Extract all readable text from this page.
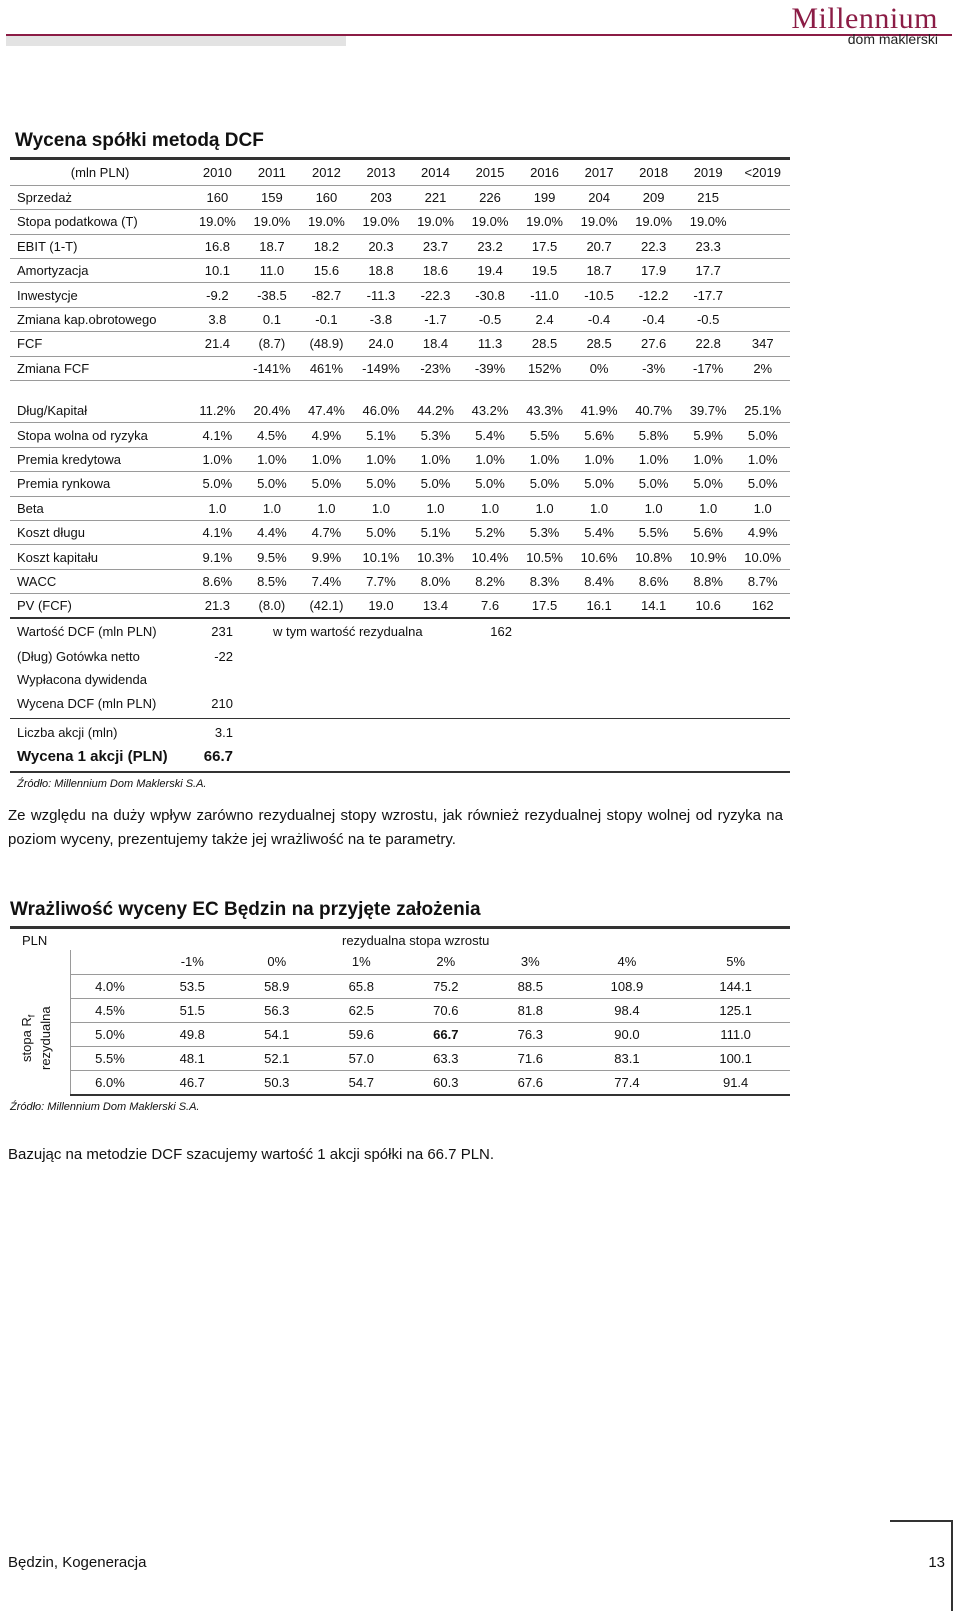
Millennium
dom maklerski
Wycena spółki metodą DCF
(mln PLN)	2010	2011	2012	2013	2014	2015	2016	2017	2018	2019	<2019
Sprzedaż	160	159	160	203	221	226	199	204	209	215	
Stopa podatkowa (T)	19.0%	19.0%	19.0%	19.0%	19.0%	19.0%	19.0%	19.0%	19.0%	19.0%	
EBIT (1-T)	16.8	18.7	18.2	20.3	23.7	23.2	17.5	20.7	22.3	23.3	
Amortyzacja	10.1	11.0	15.6	18.8	18.6	19.4	19.5	18.7	17.9	17.7	
Inwestycje	-9.2	-38.5	-82.7	-11.3	-22.3	-30.8	-11.0	-10.5	-12.2	-17.7	
Zmiana kap.obrotowego	3.8	0.1	-0.1	-3.8	-1.7	-0.5	2.4	-0.4	-0.4	-0.5	
FCF	21.4	(8.7)	(48.9)	24.0	18.4	11.3	28.5	28.5	27.6	22.8	347
Zmiana FCF		-141%	461%	-149%	-23%	-39%	152%	0%	-3%	-17%	2%

Dług/Kapitał	11.2%	20.4%	47.4%	46.0%	44.2%	43.2%	43.3%	41.9%	40.7%	39.7%	25.1%
Stopa wolna od ryzyka	4.1%	4.5%	4.9%	5.1%	5.3%	5.4%	5.5%	5.6%	5.8%	5.9%	5.0%
Premia kredytowa	1.0%	1.0%	1.0%	1.0%	1.0%	1.0%	1.0%	1.0%	1.0%	1.0%	1.0%
Premia rynkowa	5.0%	5.0%	5.0%	5.0%	5.0%	5.0%	5.0%	5.0%	5.0%	5.0%	5.0%
Beta	1.0	1.0	1.0	1.0	1.0	1.0	1.0	1.0	1.0	1.0	1.0
Koszt długu	4.1%	4.4%	4.7%	5.0%	5.1%	5.2%	5.3%	5.4%	5.5%	5.6%	4.9%
Koszt kapitału	9.1%	9.5%	9.9%	10.1%	10.3%	10.4%	10.5%	10.6%	10.8%	10.9%	10.0%
WACC	8.6%	8.5%	7.4%	7.7%	8.0%	8.2%	8.3%	8.4%	8.6%	8.8%	8.7%
PV (FCF)	21.3	(8.0)	(42.1)	19.0	13.4	7.6	17.5	16.1	14.1	10.6	162
Wartość DCF (mln PLN)	231	w tym wartość rezydualna	162
(Dług) Gotówka netto	-22
Wypłacona dywidenda
Wycena DCF (mln PLN)	210
Liczba akcji (mln)	3.1
Wycena 1 akcji (PLN)	66.7
Źródło: Millennium Dom Maklerski S.A.
Ze względu na duży wpływ zarówno rezydualnej stopy wzrostu, jak również rezydualnej stopy wolnej od ryzyka na poziom wyceny, prezentujemy także jej wrażliwość na te parametry.
Wrażliwość wyceny EC Będzin na przyjęte założenia
PLN	rezydualna stopa wzrostu
stopa $R_f$ rezydualna
	-1%	0%	1%	2%	3%	4%	5%
4.0%	53.5	58.9	65.8	75.2	88.5	108.9	144.1
4.5%	51.5	56.3	62.5	70.6	81.8	98.4	125.1
5.0%	49.8	54.1	59.6	66.7	76.3	90.0	111.0
5.5%	48.1	52.1	57.0	63.3	71.6	83.1	100.1
6.0%	46.7	50.3	54.7	60.3	67.6	77.4	91.4
Źródło: Millennium Dom Maklerski S.A.
Bazując na metodzie DCF szacujemy wartość 1 akcji spółki na 66.7 PLN.
Będzin, Kogeneracja	13
